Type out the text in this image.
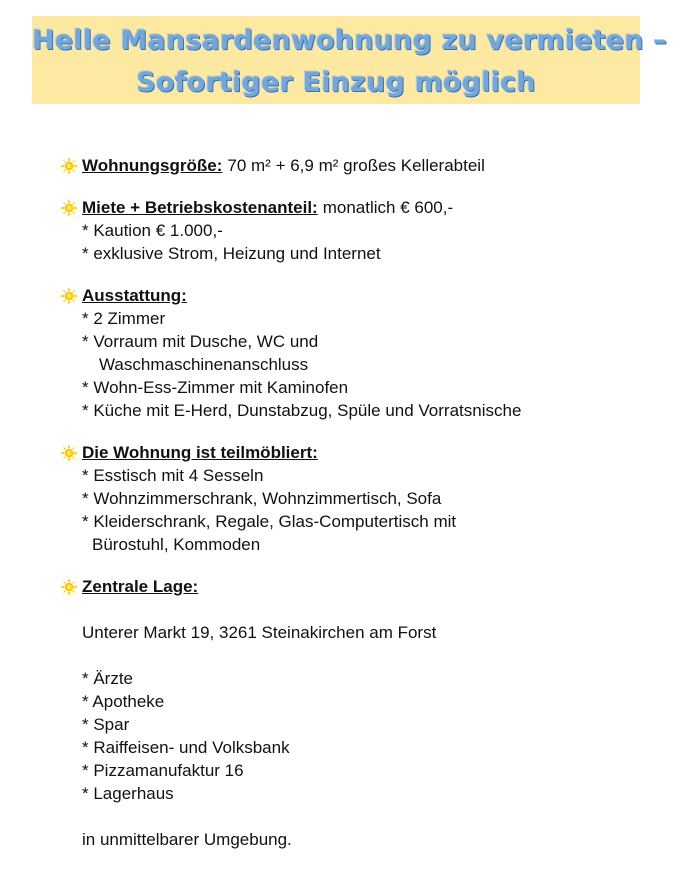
Helle Mansardenwohnung zu vermieten –
Sofortiger Einzug möglich
Wohnungsgröße: 70 m² + 6,9 m² großes Kellerabteil
Miete + Betriebskostenanteil: monatlich € 600,-
* Kaution € 1.000,-
* exklusive Strom, Heizung und Internet
Ausstattung:
* 2 Zimmer
* Vorraum mit Dusche, WC und
Waschmaschinenanschluss
* Wohn-Ess-Zimmer mit Kaminofen
* Küche mit E-Herd, Dunstabzug, Spüle und Vorratsnische
Die Wohnung ist teilmöbliert:
* Esstisch mit 4 Sesseln
* Wohnzimmerschrank, Wohnzimmertisch, Sofa
* Kleiderschrank, Regale, Glas-Computertisch mit
Bürostuhl, Kommoden
Zentrale Lage:
Unterer Markt 19, 3261 Steinakirchen am Forst
* Ärzte
* Apotheke
* Spar
* Raiffeisen- und Volksbank
* Pizzamanufaktur 16
* Lagerhaus
in unmittelbarer Umgebung.
